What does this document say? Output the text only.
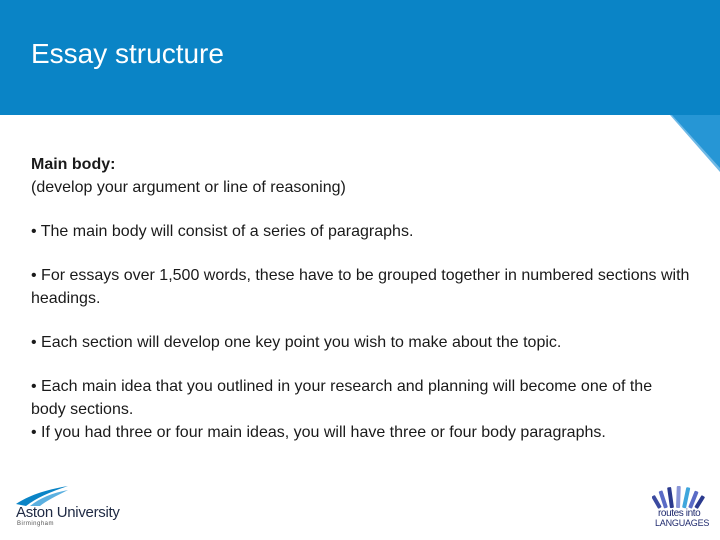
Essay structure

Main body:

(develop your argument or line of reasoning)

• The main body will consist of a series of paragraphs.

• For essays over 1,500 words, these have to be grouped together in numbered sections with headings.

• Each section will develop one key point you wish to make about the topic.

• Each main idea that you outlined in your research and planning will become one of the body sections.

• If you had three or four main ideas, you will have three or four body paragraphs.

Aston University
Birmingham
routes into
LANGUAGES
